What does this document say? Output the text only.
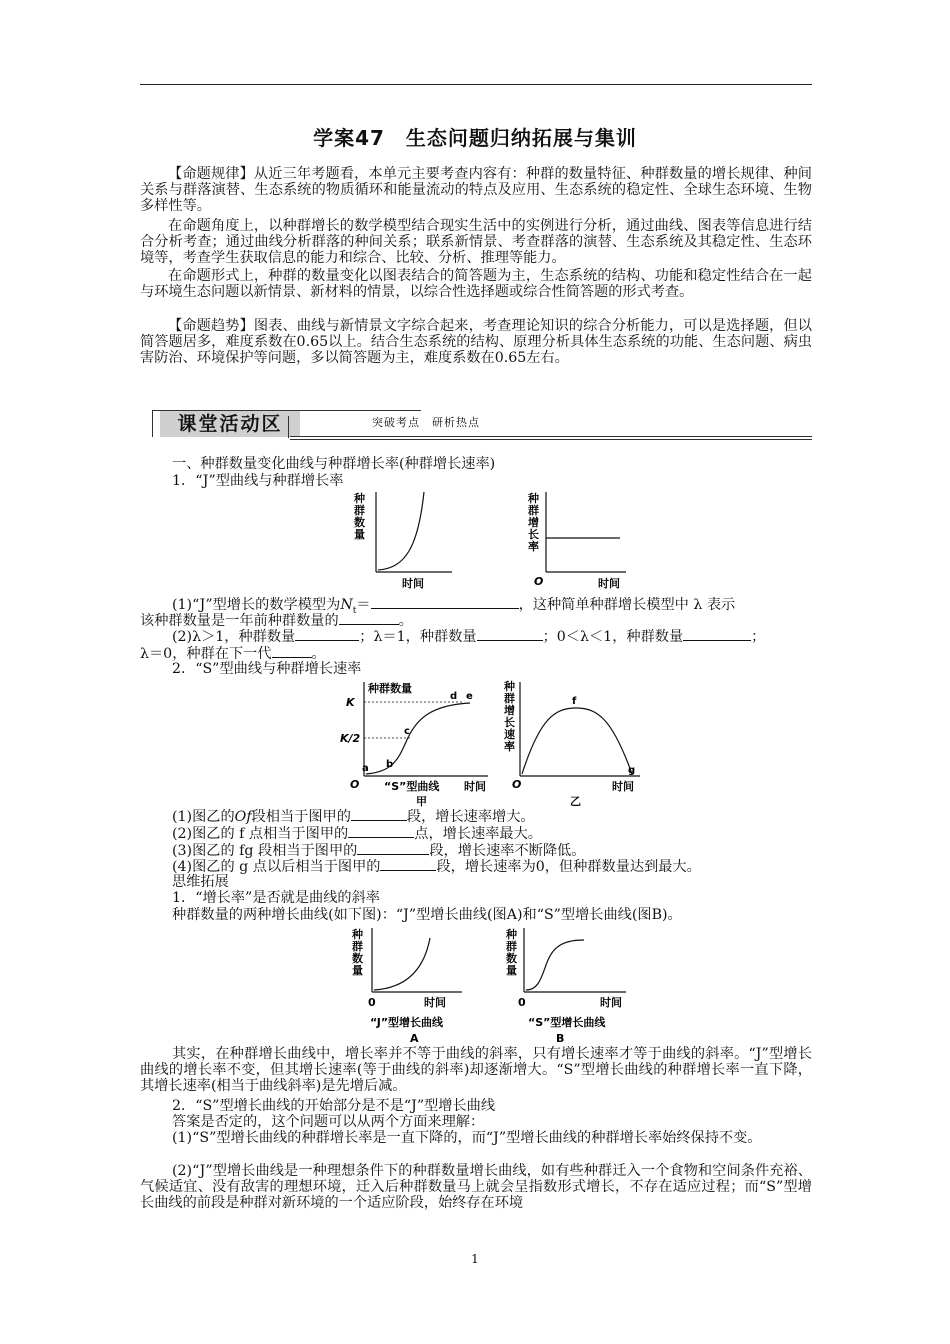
学案47　生态问题归纳拓展与集训
【命题规律】从近三年考题看，本单元主要考查内容有：种群的数量特征、种群数量的增长规律、种间关系与群落演替、生态系统的物质循环和能量流动的特点及应用、生态系统的稳定性、全球生态环境、生物多样性等。
在命题角度上，以种群增长的数学模型结合现实生活中的实例进行分析，通过曲线、图表等信息进行结合分析考查；通过曲线分析群落的种间关系；联系新情景、考查群落的演替、生态系统及其稳定性、生态环境等，考查学生获取信息的能力和综合、比较、分析、推理等能力。
在命题形式上，种群的数量变化以图表结合的简答题为主，生态系统的结构、功能和稳定性结合在一起与环境生态问题以新情景、新材料的情景，以综合性选择题或综合性简答题的形式考查。
【命题趋势】图表、曲线与新情景文字综合起来，考查理论知识的综合分析能力，可以是选择题，但以简答题居多，难度系数在0.65以上。结合生态系统的结构、原理分析具体生态系统的功能、生态问题、病虫害防治、环境保护等问题，多以简答题为主，难度系数在0.65左右。
课堂活动区	突破考点　研析热点
一、种群数量变化曲线与种群增长率(种群增长速率)
1．“J”型曲线与种群增长率
种
群
数
量
时间
种
群
增
长
率
O	时间
(1)“J”型增长的数学模型为$N_t=$	，这种简单种群增长模型中 λ 表示
该种群数量是一年前种群数量的	。
(2)λ＞1，种群数量	；λ＝1，种群数量	；0＜λ＜1，种群数量	；
λ＝0，种群在下一代	。
2．“S”型曲线与种群增长速率
种群数量
K
K/2
a b
c
d e
O	时间
“S”型曲线
甲
种
群
增
长
速
率
f
g
O	时间
乙
(1)图乙的Of段相当于图甲的	段，增长速率增大。
(2)图乙的 f 点相当于图甲的	点，增长速率最大。
(3)图乙的 fg 段相当于图甲的	段，增长速率不断降低。
(4)图乙的 g 点以后相当于图甲的	段，增长速率为0，但种群数量达到最大。
思维拓展
1．“增长率”是否就是曲线的斜率
种群数量的两种增长曲线(如下图)：“J”型增长曲线(图A)和“S”型增长曲线(图B)。
种
群
数
量
0	时间
“J”型增长曲线
A
种
群
数
量
0	时间
“S”型增长曲线
B
其实，在种群增长曲线中，增长率并不等于曲线的斜率，只有增长速率才等于曲线的斜率。“J”型增长曲线的增长率不变，但其增长速率(等于曲线的斜率)却逐渐增大。“S”型增长曲线的种群增长率一直下降，其增长速率(相当于曲线斜率)是先增后减。
2．“S”型增长曲线的开始部分是不是“J”型增长曲线
答案是否定的，这个问题可以从两个方面来理解：
(1)“S”型增长曲线的种群增长率是一直下降的，而“J”型增长曲线的种群增长率始终保持不变。
(2)“J”型增长曲线是一种理想条件下的种群数量增长曲线，如有些种群迁入一个食物和空间条件充裕、气候适宜、没有敌害的理想环境，迁入后种群数量马上就会呈指数形式增长，不存在适应过程；而“S”型增长曲线的前段是种群对新环境的一个适应阶段，始终存在环境
1
